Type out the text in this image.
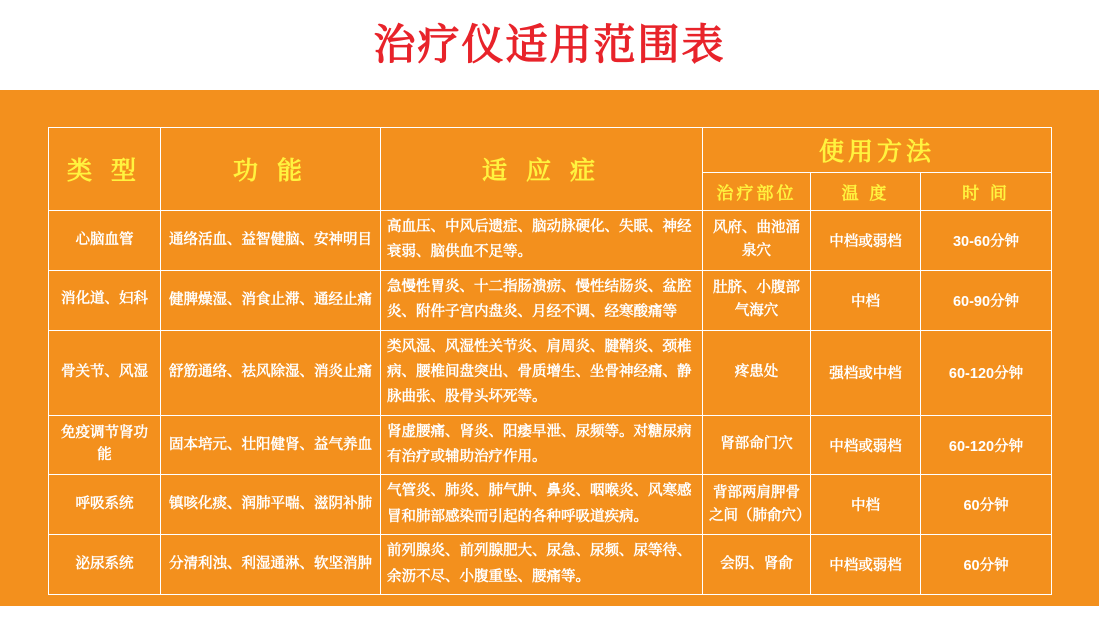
治疗仪适用范围表
类 型	功 能	适 应 症	使用方法		
			治疗部位	温 度	时 间
心脑血管	通络活血、益智健脑、安神明目	高血压、中风后遗症、脑动脉硬化、失眠、神经衰弱、脑供血不足等。	风府、曲池涌泉穴	中档或弱档	30-60分钟
消化道、妇科	健脾燥湿、消食止滞、通经止痛	急慢性胃炎、十二指肠溃疬、慢性结肠炎、盆腔炎、附件子宫内盘炎、月经不调、经寒酸痛等	肚脐、小腹部气海穴	中档	60-90分钟
骨关节、风湿	舒筋通络、祛风除湿、消炎止痛	类风湿、风湿性关节炎、肩周炎、腱鞘炎、颈椎病、腰椎间盘突出、骨质增生、坐骨神经痛、静脉曲张、股骨头坏死等。	疼患处	强档或中档	60-120分钟
免疫调节肾功能	固本培元、壮阳健肾、益气养血	肾虚腰痛、肾炎、阳痿早泄、尿频等。对糖尿病有治疗或辅助治疗作用。	肾部命门穴	中档或弱档	60-120分钟
呼吸系统	镇咳化痰、润肺平喘、滋阴补肺	气管炎、肺炎、肺气肿、鼻炎、咽喉炎、风寒感冒和肺部感染而引起的各种呼吸道疾病。	背部两肩胛骨之间（肺俞穴）	中档	60分钟
泌尿系统	分清利浊、利湿通淋、软坚消肿	前列腺炎、前列腺肥大、尿急、尿频、尿等待、余沥不尽、小腹重坠、腰痛等。	会阴、肾俞	中档或弱档	60分钟
